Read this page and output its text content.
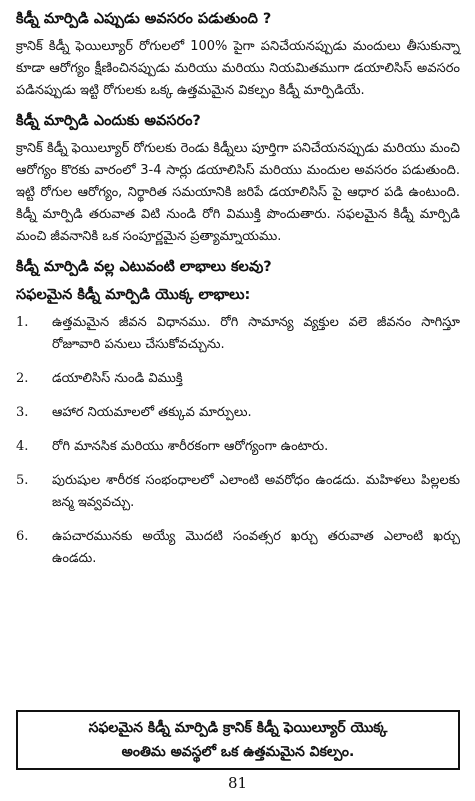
కిడ్నీ మార్పిడి ఎప్పుడు అవసరం పడుతుంది ?
క్రానిక్ కిడ్నీ ఫెయిల్యూర్ రోగులలో 100% పైగా పనిచేయనప్పుడు మందులు తీసుకున్నా కూడా ఆరోగ్యం క్షీణించినప్పుడు మరియు మరియు నియమితముగా డయాలిసిస్ అవసరం పడినప్పుడు ఇట్టి రోగులకు ఒక్క ఉత్తమమైన వికల్పం కిడ్నీ మార్పిడియే.
కిడ్నీ మార్పిడి ఎందుకు అవసరం?
క్రానిక్ కిడ్నీ ఫెయిల్యూర్ రోగులకు రెండు కిడ్నీలు పూర్తిగా పనిచేయనప్పుడు మరియు మంచి ఆరోగ్యం కొరకు వారంలో 3-4 సార్లు డయాలిసిస్ మరియు మందుల అవసరం పడుతుంది. ఇట్టి రోగుల ఆరోగ్యం, నిర్థారిత సమయానికి జరిపే డయాలిసిస్ పై ఆధార పడి ఉంటుంది. కిడ్నీ మార్పిడి తరువాత విటి నుండి రోగి విముక్తి పొందుతారు. సఫలమైన కిడ్నీ మార్పిడి మంచి జీవనానికి ఒక సంపూర్ణమైన ప్రత్యామ్నాయము.
కిడ్నీ మార్పిడి వల్ల ఎటువంటి లాభాలు కలవు?
సఫలమైన కిడ్నీ మార్పిడి యొక్క లాభాలు:
1.	ఉత్తమమైన జీవన విధానము. రోగి సామాన్య వ్యక్తుల వలె జీవనం సాగిస్తూ రోజూవారి పనులు చేసుకోవచ్చును.
2.	డయాలిసిస్ నుండి విముక్తి
3.	ఆహార నియమాలలో తక్కువ మార్పులు.
4.	రోగి మానసిక మరియు శారీరకంగా ఆరోగ్యంగా ఉంటారు.
5.	పురుషుల శారీరక సంభంధాలలో ఎలాంటి అవరోధం ఉండదు. మహిళలు పిల్లలకు జన్మ ఇవ్వవచ్చు.
6.	ఉపచారమునకు అయ్యే మొదటి సంవత్సర ఖర్చు తరువాత ఎలాంటి ఖర్చు ఉండదు.
సఫలమైన కిడ్నీ మార్పిడి క్రానిక్ కిడ్నీ ఫెయిల్యూర్ యొక్క
అంతిమ అవస్థలో ఒక ఉత్తమమైన వికల్పం.
81
